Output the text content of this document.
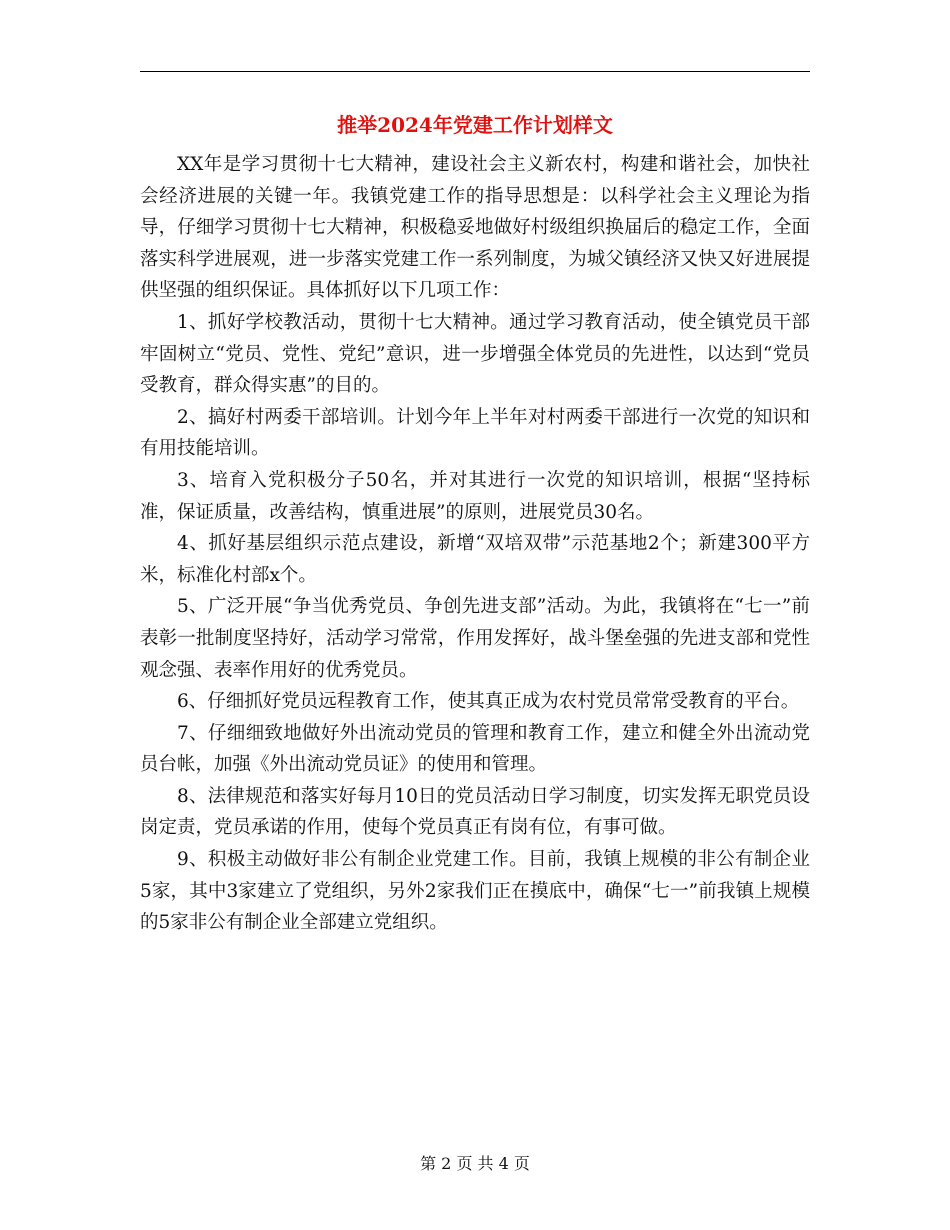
推举2024年党建工作计划样文

XX年是学习贯彻十七大精神，建设社会主义新农村，构建和谐社会，加快社会经济进展的关键一年。我镇党建工作的指导思想是：以科学社会主义理论为指导，仔细学习贯彻十七大精神，积极稳妥地做好村级组织换届后的稳定工作，全面落实科学进展观，进一步落实党建工作一系列制度，为城父镇经济又快又好进展提供坚强的组织保证。具体抓好以下几项工作：

1、抓好学校教活动，贯彻十七大精神。通过学习教育活动，使全镇党员干部牢固树立“党员、党性、党纪”意识，进一步增强全体党员的先进性，以达到“党员受教育，群众得实惠”的目的。

2、搞好村两委干部培训。计划今年上半年对村两委干部进行一次党的知识和有用技能培训。

3、培育入党积极分子50名，并对其进行一次党的知识培训，根据“坚持标准，保证质量，改善结构，慎重进展”的原则，进展党员30名。

4、抓好基层组织示范点建设，新增“双培双带”示范基地2个；新建300平方米，标准化村部x个。

5、广泛开展“争当优秀党员、争创先进支部”活动。为此，我镇将在“七一”前表彰一批制度坚持好，活动学习常常，作用发挥好，战斗堡垒强的先进支部和党性观念强、表率作用好的优秀党员。

6、仔细抓好党员远程教育工作，使其真正成为农村党员常常受教育的平台。

7、仔细细致地做好外出流动党员的管理和教育工作，建立和健全外出流动党员台帐，加强《外出流动党员证》的使用和管理。

8、法律规范和落实好每月10日的党员活动日学习制度，切实发挥无职党员设岗定责，党员承诺的作用，使每个党员真正有岗有位，有事可做。

9、积极主动做好非公有制企业党建工作。目前，我镇上规模的非公有制企业5家，其中3家建立了党组织，另外2家我们正在摸底中，确保“七一”前我镇上规模的5家非公有制企业全部建立党组织。

第 2 页 共 4 页
